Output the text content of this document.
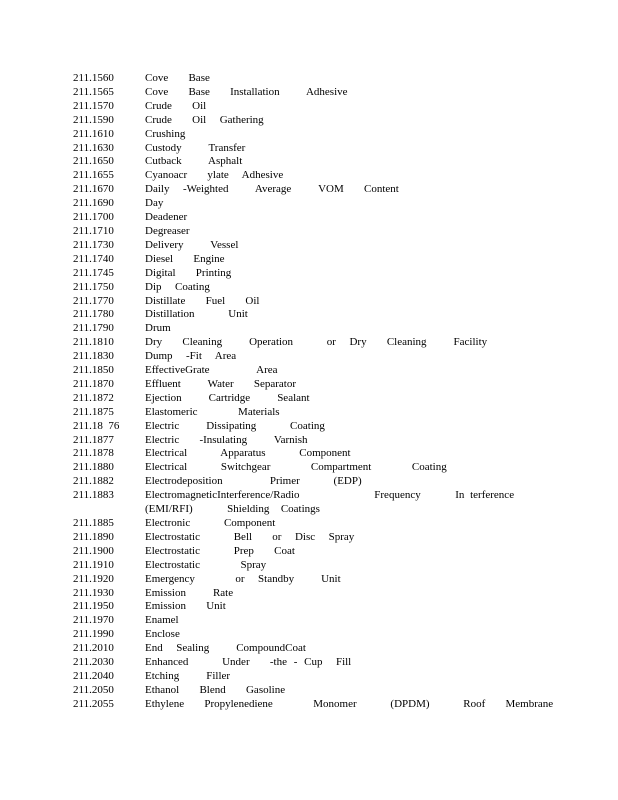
211.1560	Cove   Base
211.1565	Cove   Base   Installation    Adhesive
211.1570	Crude   Oil
211.1590	Crude   Oil  Gathering
211.1610	Crushing
211.1630	Custody    Transfer
211.1650	Cutback    Asphalt
211.1655	Cyanoacr   ylate  Adhesive
211.1670	Daily  -Weighted    Average    VOM   Content
211.1690	Day
211.1700	Deadener
211.1710	Degreaser
211.1730	Delivery    Vessel
211.1740	Diesel   Engine
211.1745	Digital   Printing
211.1750	Dip  Coating
211.1770	Distillate   Fuel   Oil
211.1780	Distillation     Unit
211.1790	Drum
211.1810	Dry   Cleaning    Operation     or  Dry   Cleaning    Facility
211.1830	Dump  -Fit  Area
211.1850	EffectiveGrate       Area
211.1870	Effluent    Water   Separator
211.1872	Ejection    Cartridge    Sealant
211.1875	Elastomeric      Materials
211.18  76	Electric    Dissipating     Coating
211.1877	Electric   -Insulating    Varnish
211.1878	Electrical     Apparatus     Component
211.1880	Electrical     Switchgear      Compartment      Coating
211.1882	Electrodeposition       Primer     (EDP)
211.1883	ElectromagneticInterference/Radio             Frequency      In terference       (EMI/RFI)      Shielding  Coatings
211.1885	Electronic     Component
211.1890	Electrostatic     Bell   or  Disc  Spray
211.1900	Electrostatic     Prep   Coat
211.1910	Electrostatic      Spray
211.1920	Emergency      or  Standby    Unit
211.1930	Emission    Rate
211.1950	Emission   Unit
211.1970	Enamel
211.1990	Enclose
211.2010	End  Sealing    CompoundCoat
211.2030	Enhanced     Under   -the - Cup  Fill
211.2040	Etching    Filler
211.2050	Ethanol   Blend   Gasoline
211.2055	Ethylene   Propylenediene      Monomer     (DPDM)     Roof   Membrane
